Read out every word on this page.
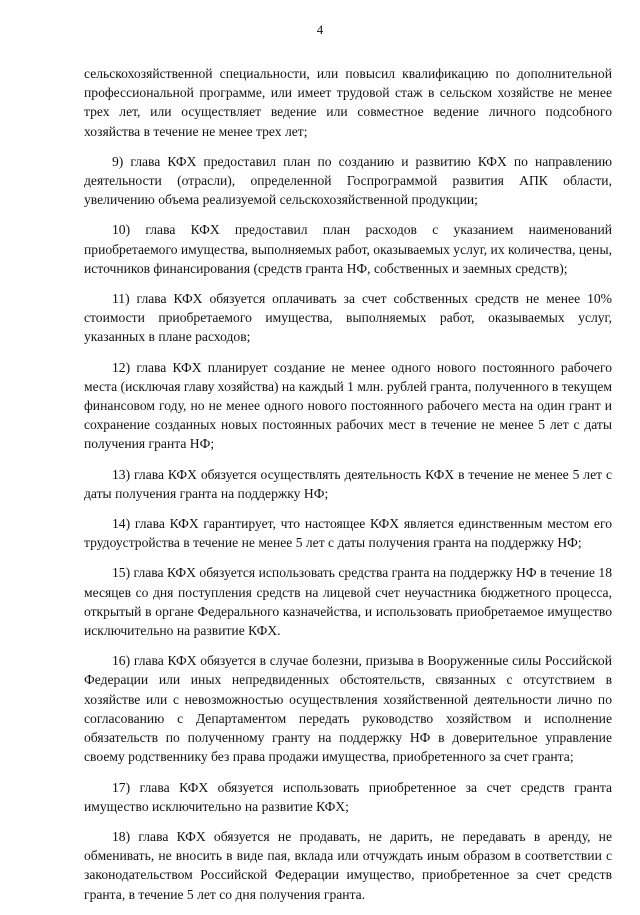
4

сельскохозяйственной специальности, или повысил квалификацию по дополнительной профессиональной программе, или имеет трудовой стаж в сельском хозяйстве не менее трех лет, или осуществляет ведение или совместное ведение личного подсобного хозяйства в течение не менее трех лет;

9) глава КФХ предоставил план по созданию и развитию КФХ по направлению деятельности (отрасли), определенной Госпрограммой развития АПК области, увеличению объема реализуемой сельскохозяйственной продукции;

10) глава КФХ предоставил план расходов с указанием наименований приобретаемого имущества, выполняемых работ, оказываемых услуг, их количества, цены, источников финансирования (средств гранта НФ, собственных и заемных средств);

11) глава КФХ обязуется оплачивать за счет собственных средств не менее 10% стоимости приобретаемого имущества, выполняемых работ, оказываемых услуг, указанных в плане расходов;

12) глава КФХ планирует создание не менее одного нового постоянного рабочего места (исключая главу хозяйства) на каждый 1 млн. рублей гранта, полученного в текущем финансовом году, но не менее одного нового постоянного рабочего места на один грант и сохранение созданных новых постоянных рабочих мест в течение не менее 5 лет с даты получения гранта НФ;

13) глава КФХ обязуется осуществлять деятельность КФХ в течение не менее 5 лет с даты получения гранта на поддержку НФ;

14) глава КФХ гарантирует, что настоящее КФХ является единственным местом его трудоустройства в течение не менее 5 лет с даты получения гранта на поддержку НФ;

15) глава КФХ обязуется использовать средства гранта на поддержку НФ в течение 18 месяцев со дня поступления средств на лицевой счет неучастника бюджетного процесса, открытый в органе Федерального казначейства, и использовать приобретаемое имущество исключительно на развитие КФХ.

16) глава КФХ обязуется в случае болезни, призыва в Вооруженные силы Российской Федерации или иных непредвиденных обстоятельств, связанных с отсутствием в хозяйстве или с невозможностью осуществления хозяйственной деятельности лично по согласованию с Департаментом передать руководство хозяйством и исполнение обязательств по полученному гранту на поддержку НФ в доверительное управление своему родственнику без права продажи имущества, приобретенного за счет гранта;

17) глава КФХ обязуется использовать приобретенное за счет средств гранта имущество исключительно на развитие КФХ;

18) глава КФХ обязуется не продавать, не дарить, не передавать в аренду, не обменивать, не вносить в виде пая, вклада или отчуждать иным образом в соответствии с законодательством Российской Федерации имущество, приобретенное за счет средств гранта, в течение 5 лет со дня получения гранта.
